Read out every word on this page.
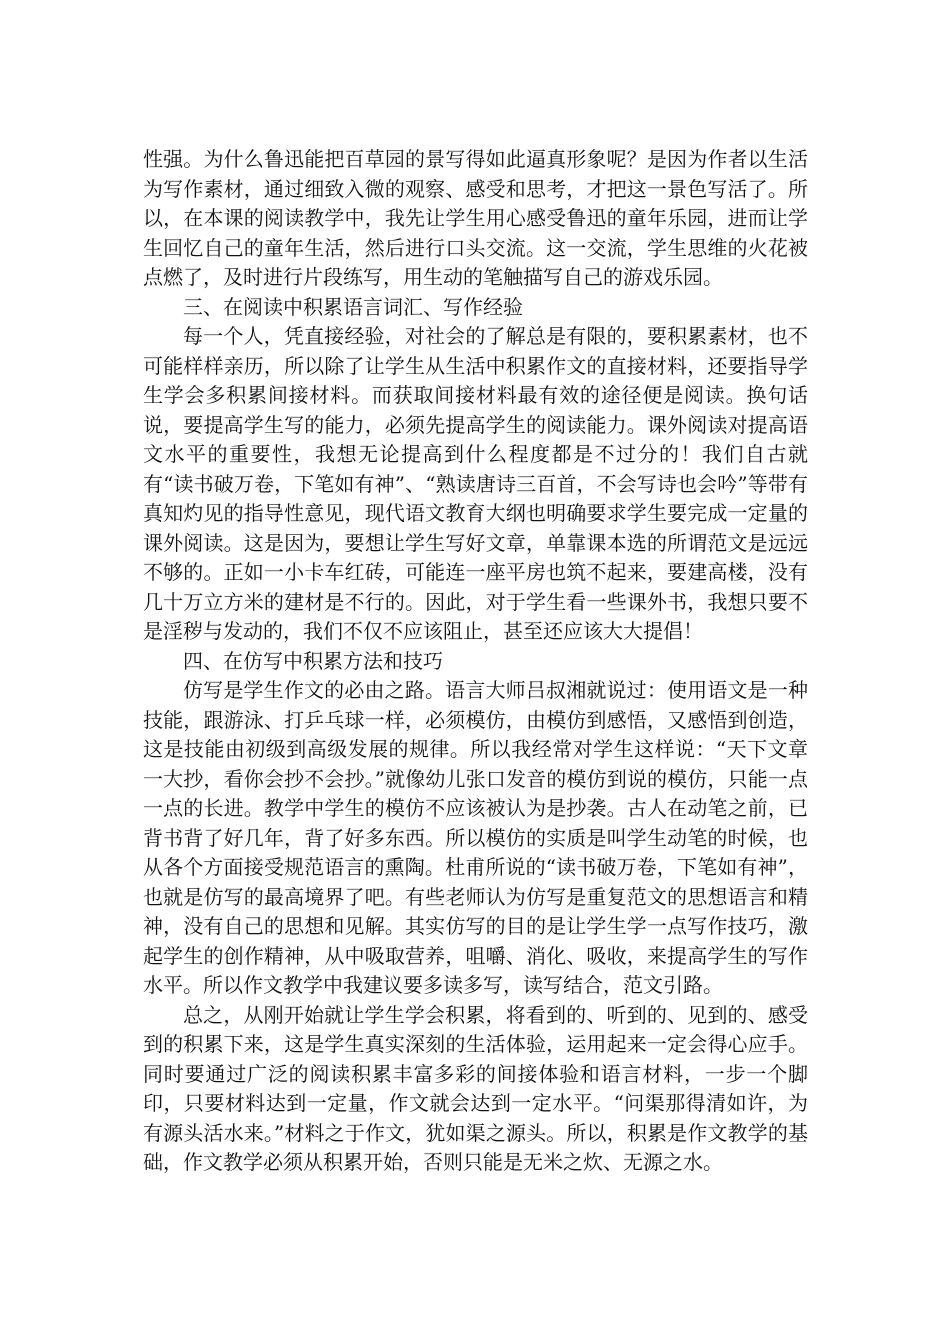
性强。为什么鲁迅能把百草园的景写得如此逼真形象呢？是因为作者以生活为写作素材，通过细致入微的观察、感受和思考，才把这一景色写活了。所以，在本课的阅读教学中，我先让学生用心感受鲁迅的童年乐园，进而让学生回忆自己的童年生活，然后进行口头交流。这一交流，学生思维的火花被点燃了，及时进行片段练写，用生动的笔触描写自己的游戏乐园。

三、在阅读中积累语言词汇、写作经验

每一个人，凭直接经验，对社会的了解总是有限的，要积累素材，也不可能样样亲历，所以除了让学生从生活中积累作文的直接材料，还要指导学生学会多积累间接材料。而获取间接材料最有效的途径便是阅读。换句话说，要提高学生写的能力，必须先提高学生的阅读能力。课外阅读对提高语文水平的重要性，我想无论提高到什么程度都是不过分的！我们自古就有“读书破万卷，下笔如有神”、“熟读唐诗三百首，不会写诗也会吟”等带有真知灼见的指导性意见，现代语文教育大纲也明确要求学生要完成一定量的课外阅读。这是因为，要想让学生写好文章，单靠课本选的所谓范文是远远不够的。正如一小卡车红砖，可能连一座平房也筑不起来，要建高楼，没有几十万立方米的建材是不行的。因此，对于学生看一些课外书，我想只要不是淫秽与发动的，我们不仅不应该阻止，甚至还应该大大提倡！

四、在仿写中积累方法和技巧

仿写是学生作文的必由之路。语言大师吕叔湘就说过：使用语文是一种技能，跟游泳、打乒乓球一样，必须模仿，由模仿到感悟，又感悟到创造，这是技能由初级到高级发展的规律。所以我经常对学生这样说：“天下文章一大抄，看你会抄不会抄。”就像幼儿张口发音的模仿到说的模仿，只能一点一点的长进。教学中学生的模仿不应该被认为是抄袭。古人在动笔之前，已背书背了好几年，背了好多东西。所以模仿的实质是叫学生动笔的时候，也从各个方面接受规范语言的熏陶。杜甫所说的“读书破万卷，下笔如有神”，也就是仿写的最高境界了吧。有些老师认为仿写是重复范文的思想语言和精神，没有自己的思想和见解。其实仿写的目的是让学生学一点写作技巧，激起学生的创作精神，从中吸取营养，咀嚼、消化、吸收，来提高学生的写作水平。所以作文教学中我建议要多读多写，读写结合，范文引路。

总之，从刚开始就让学生学会积累，将看到的、听到的、见到的、感受到的积累下来，这是学生真实深刻的生活体验，运用起来一定会得心应手。同时要通过广泛的阅读积累丰富多彩的间接体验和语言材料，一步一个脚印，只要材料达到一定量，作文就会达到一定水平。“问渠那得清如许，为有源头活水来。”材料之于作文，犹如渠之源头。所以，积累是作文教学的基础，作文教学必须从积累开始，否则只能是无米之炊、无源之水。
